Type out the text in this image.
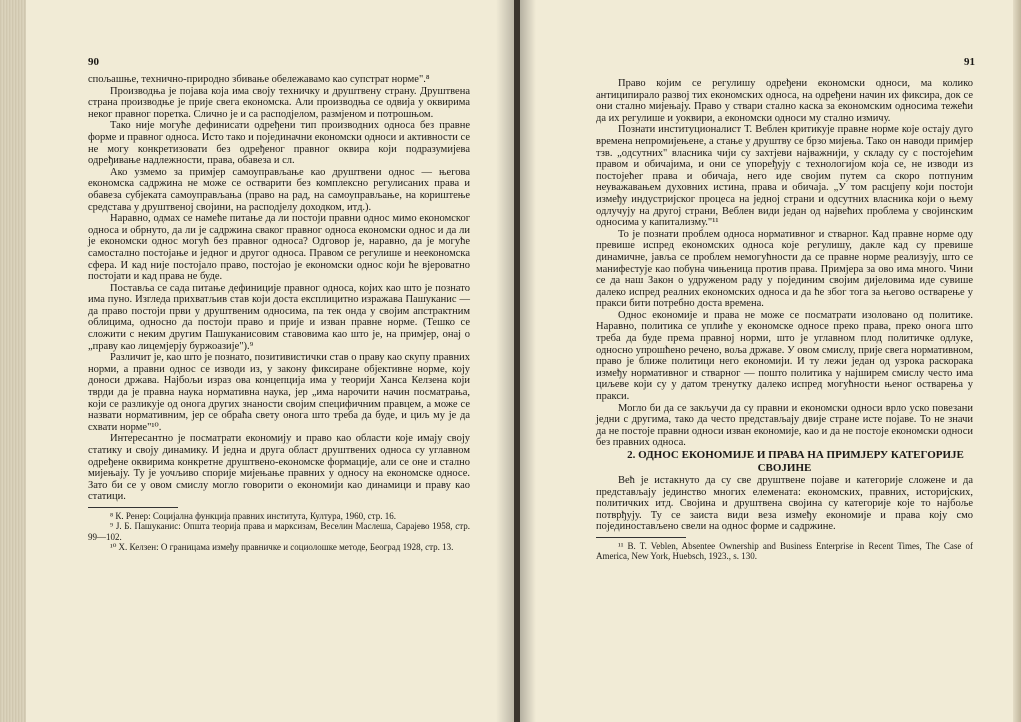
90

спољашње, технично-природно збивање обележавамо као супстрат норме".⁸

Производња је појава која има своју техничку и друштвену страну. Друштвена страна производње је прије свега економска. Али производња се одвија у оквирима неког правног поретка. Слично је и са расподјелом, размјеном и потрошњом.

Тако није могуће дефинисати одређени тип производних односа без правне форме и правног односа. Исто тако и појединачни економски односи и активности се не могу конкретизовати без одређеног правног оквира који подразумијева одређивање надлежности, права, обавеза и сл.

Ако узмемо за примјер самоуправљање као друштвени однос — његова економска садржина не може се остварити без комплексно регулисаних права и обавеза субјеката самоуправљања (право на рад, на самоуправљање, на кориштење средстава у друштвеној својини, на расподјелу доходком, итд.).

Наравно, одмах се намеће питање да ли постоји правни однос мимо економског односа и обрнуто, да ли је садржина сваког правног односа економски однос и да ли је економски однос могућ без правног односа? Одговор је, наравно, да је могуће самостално постојање и једног и другог односа. Правом се регулише и неекономска сфера. И кад није постојало право, постојао је економски однос који ће вјероватно постојати и кад права не буде.

Поставља се сада питање дефиниције правног односа, којих као што је познато има пуно. Изгледа прихватљив став који доста експлицитно изражава Пашуканис — да право постоји први у друштвеним односима, па тек онда у својим апстрактним облицима, односно да постоји право и прије и изван правне норме. (Тешко се сложити с неким другим Пашуканисовим ставовима као што је, на примјер, онај о „праву као лицемјерју буржоазије").⁹

Различит је, као што је познато, позитивистички став о праву као скупу правних норми, а правни однос се изводи из, у закону фиксиране објективне норме, коју доноси држава. Најбољи израз ова концепција има у теорији Ханса Келзена који тврди да је правна наука нормативна наука, јер „има нарочити начин посматрања, који се разликује од онога других знаности својим специфичним правцем, а може се назвати нормативним, јер се обраћа свету онога што треба да буде, и циљ му је да схвати норме"¹⁰.

Интересантно је посматрати економију и право као области које имају своју статику и своју динамику. И једна и друга област друштвених односа су углавном одређене оквирима конкретне друштвено-економске формације, али се оне и стално мијењају. Ту је уочљиво спорије мијењање правних у односу на економске односе. Зато би се у овом смислу могло говорити о економији као динамици и праву као статици.

⁸ К. Ренер: Социјална функција правних института, Култура, 1960, стр. 16.

⁹ Ј. Б. Пашуканис: Општа теорија права и марксизам, Веселин Маслеша, Сарајево 1958, стр. 99—102.

¹⁰ Х. Келзен: О границама између правничке и социолошке методе, Београд 1928, стр. 13.

91

Право којим се регулишу одређени економски односи, ма колико антиципирало развој тих економских односа, на одређени начин их фиксира, док се они стално мијењају. Право у ствари стално каска за економским односима тежећи да их регулише и уоквири, а економски односи му стално измичу.

Познати институционалист Т. Вeблен критикује правне норме које остају дуго времена непромијењене, а стање у друштву се брзо мијења. Тако он наводи примјер тзв. „одсутних" власника чији су захтјеви најважнији, у складу су с постојећим правом и обичајима, и они се упоређују с технологијом која се, не изводи из постојећег права и обичаја, него иде својим путем са скоро потпуним неуважавањем духовних истина, права и обичаја. „У том расцјепу који постоји између индустријског процеса на једној страни и одсутних власника који о њему одлучују на другој страни, Вeблен види један од највећих проблема у својинским односима у капитализму."¹¹

То је познати проблем односа нормативног и стварног. Кад правне норме оду превише испред економских односа које регулишу, дакле кад су превише динамичне, јавља се проблем немогућности да се правне норме реализују, што се манифестује кao побуна чињеница против права. Примјера за ово има много. Чини се да наш Закон о удруженом раду у појединим својим дијеловима иде сувише далеко испред реалних економских односа и да ће због тога за његово остварење у пракси бити потребно доста времена.

Однос економије и права не може се посматрати изоловано од политике. Наравно, политика се уплиће у економске односе преко права, преко онога што треба да буде према правној норми, што је углавном плод политичке одлуке, односно упрошћено речено, воља државе. У овом смислу, прије свега нормативном, право је ближе политици него економији. И ту лежи један од узрока раскорака између нормативног и стварног — пошто политика у најширем смислу често има циљеве који су у датом тренутку далеко испред могућности њеног остварења у пракси.

Могло би да се закључи да су правни и економски односи врло уско повезани једни с другима, тако да често представљају двије стране исте појаве. То не значи да не постоје правни односи изван економије, као и да не постоје економски односи без правних односа.

2. ОДНОС ЕКОНОМИЈЕ И ПРАВА НА ПРИМЈЕРУ КАТЕГОРИЈЕ СВОЈИНЕ

Већ је истакнуто да су све друштвене појаве и категорије сложене и да представљају јединство многих елемената: економских, правних, историјских, политичких итд. Својина и друштвена својина су категорије које то најбоље потврђују. Ту се заиста види веза између економије и права коју смо појединостављено свели на однос форме и садржине.

¹¹ B. T. Veblen, Absentee Ownership and Business Enterprise in Recent Times, The Case of America, New York, Huebsch, 1923., s. 130.
